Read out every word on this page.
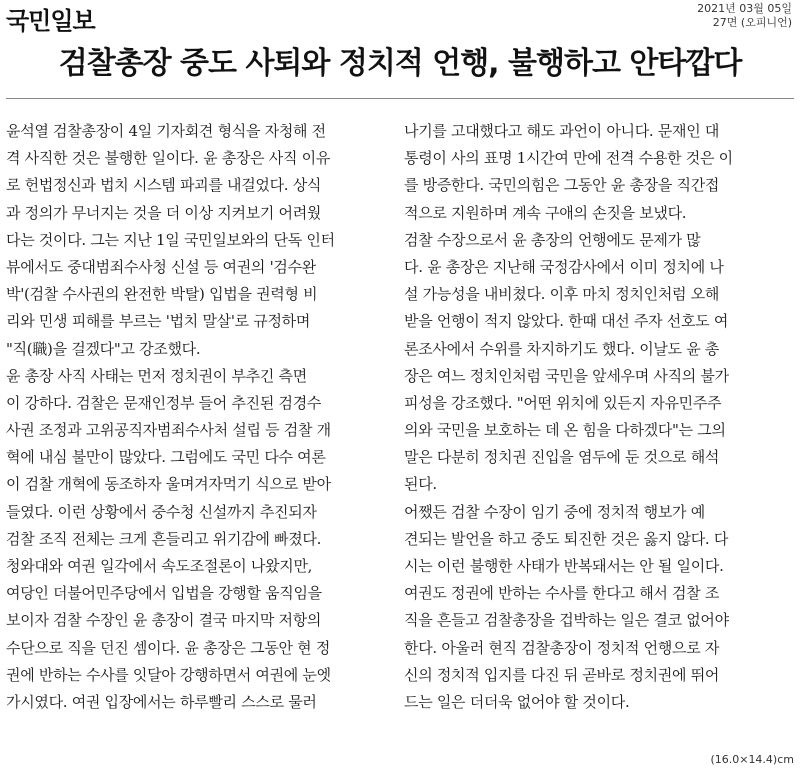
국민일보	2021년 03월 05일
27면 (오피니언)
검찰총장 중도 사퇴와 정치적 언행, 불행하고 안타깝다
윤석열 검찰총장이 4일 기자회견 형식을 자청해 전
격 사직한 것은 불행한 일이다. 윤 총장은 사직 이유
로 헌법정신과 법치 시스템 파괴를 내걸었다. 상식
과 정의가 무너지는 것을 더 이상 지켜보기 어려웠
다는 것이다. 그는 지난 1일 국민일보와의 단독 인터
뷰에서도 중대범죄수사청 신설 등 여권의 '검수완
박'(검찰 수사권의 완전한 박탈) 입법을 권력형 비
리와 민생 피해를 부르는 '법치 말살'로 규정하며
"직(職)을 걸겠다"고 강조했다.
윤 총장 사직 사태는 먼저 정치권이 부추긴 측면
이 강하다. 검찰은 문재인정부 들어 추진된 검경수
사권 조정과 고위공직자범죄수사처 설립 등 검찰 개
혁에 내심 불만이 많았다. 그럼에도 국민 다수 여론
이 검찰 개혁에 동조하자 울며겨자먹기 식으로 받아
들였다. 이런 상황에서 중수청 신설까지 추진되자
검찰 조직 전체는 크게 흔들리고 위기감에 빠졌다.
청와대와 여권 일각에서 속도조절론이 나왔지만,
여당인 더불어민주당에서 입법을 강행할 움직임을
보이자 검찰 수장인 윤 총장이 결국 마지막 저항의
수단으로 직을 던진 셈이다. 윤 총장은 그동안 현 정
권에 반하는 수사를 잇달아 강행하면서 여권에 눈엣
가시였다. 여권 입장에서는 하루빨리 스스로 물러
나기를 고대했다고 해도 과언이 아니다. 문재인 대
통령이 사의 표명 1시간여 만에 전격 수용한 것은 이
를 방증한다. 국민의힘은 그동안 윤 총장을 직간접
적으로 지원하며 계속 구애의 손짓을 보냈다.
검찰 수장으로서 윤 총장의 언행에도 문제가 많
다. 윤 총장은 지난해 국정감사에서 이미 정치에 나
설 가능성을 내비쳤다. 이후 마치 정치인처럼 오해
받을 언행이 적지 않았다. 한때 대선 주자 선호도 여
론조사에서 수위를 차지하기도 했다. 이날도 윤 총
장은 여느 정치인처럼 국민을 앞세우며 사직의 불가
피성을 강조했다. "어떤 위치에 있든지 자유민주주
의와 국민을 보호하는 데 온 힘을 다하겠다"는 그의
말은 다분히 정치권 진입을 염두에 둔 것으로 해석
된다.
어쨌든 검찰 수장이 임기 중에 정치적 행보가 예
견되는 발언을 하고 중도 퇴진한 것은 옳지 않다. 다
시는 이런 불행한 사태가 반복돼서는 안 될 일이다.
여권도 정권에 반하는 수사를 한다고 해서 검찰 조
직을 흔들고 검찰총장을 겁박하는 일은 결코 없어야
한다. 아울러 현직 검찰총장이 정치적 언행으로 자
신의 정치적 입지를 다진 뒤 곧바로 정치권에 뛰어
드는 일은 더더욱 없어야 할 것이다.
(16.0×14.4)cm
